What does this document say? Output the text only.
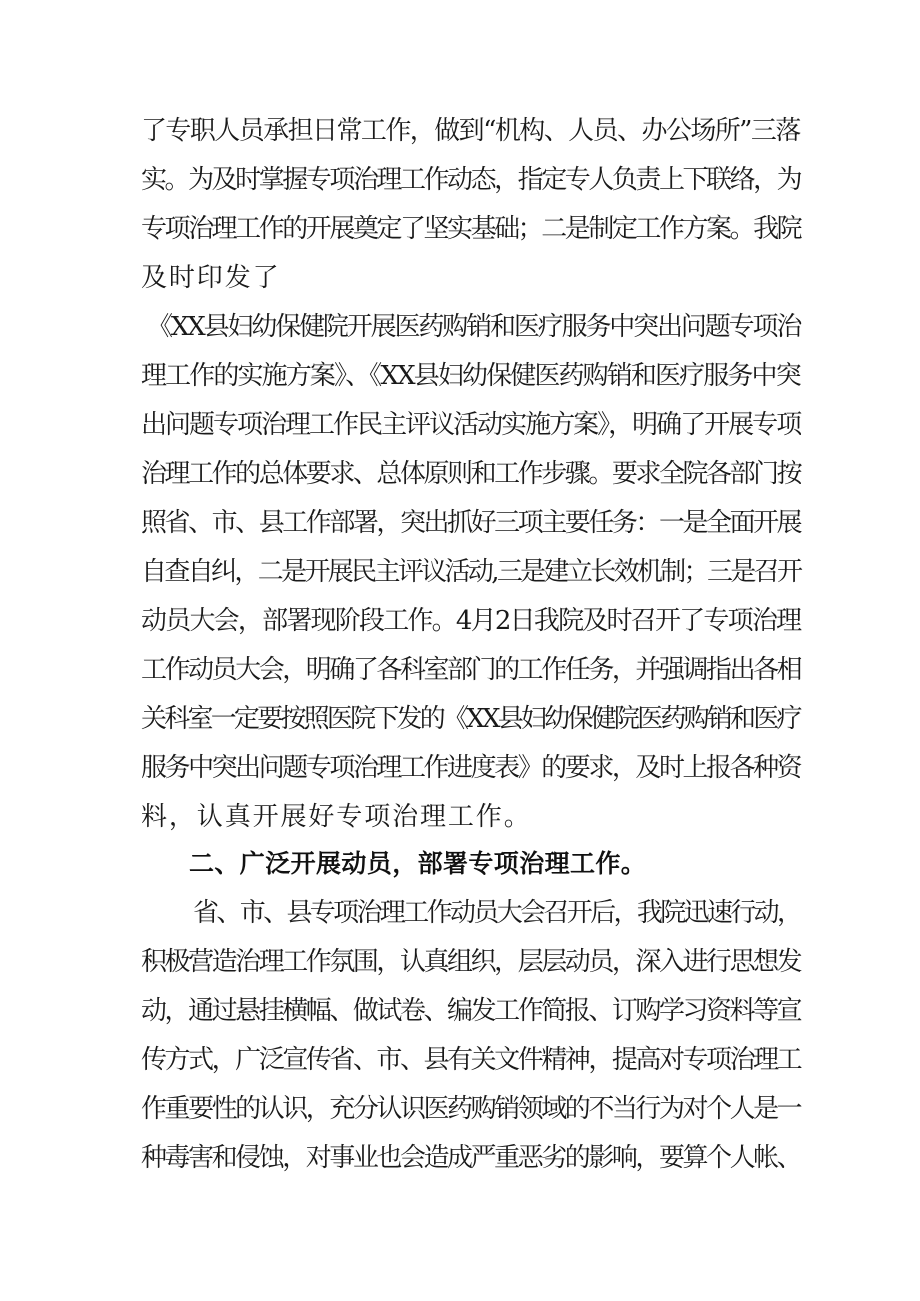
了专职人员承担日常工作，做到“机构、人员、办公场所”三落
实。为及时掌握专项治理工作动态，指定专人负责上下联络，为
专项治理工作的开展奠定了坚实基础；二是制定工作方案。我院
及时印发了
《XX县妇幼保健院开展医药购销和医疗服务中突出问题专项治
理工作的实施方案》、《XX县妇幼保健医药购销和医疗服务中突
出问题专项治理工作民主评议活动实施方案》，明确了开展专项
治理工作的总体要求、总体原则和工作步骤。要求全院各部门按
照省、市、县工作部署，突出抓好三项主要任务：一是全面开展
自查自纠，二是开展民主评议活动,三是建立长效机制；三是召开
动员大会，部署现阶段工作。4月2日我院及时召开了专项治理
工作动员大会，明确了各科室部门的工作任务，并强调指出各相
关科室一定要按照医院下发的《XX县妇幼保健院医药购销和医疗
服务中突出问题专项治理工作进度表》的要求，及时上报各种资
料，认真开展好专项治理工作。
二、广泛开展动员，部署专项治理工作。
省、市、县专项治理工作动员大会召开后，我院迅速行动，
积极营造治理工作氛围，认真组织，层层动员，深入进行思想发
动，通过悬挂横幅、做试卷、编发工作简报、订购学习资料等宣
传方式，广泛宣传省、市、县有关文件精神，提高对专项治理工
作重要性的认识，充分认识医药购销领域的不当行为对个人是一
种毒害和侵蚀，对事业也会造成严重恶劣的影响，要算个人帐、
